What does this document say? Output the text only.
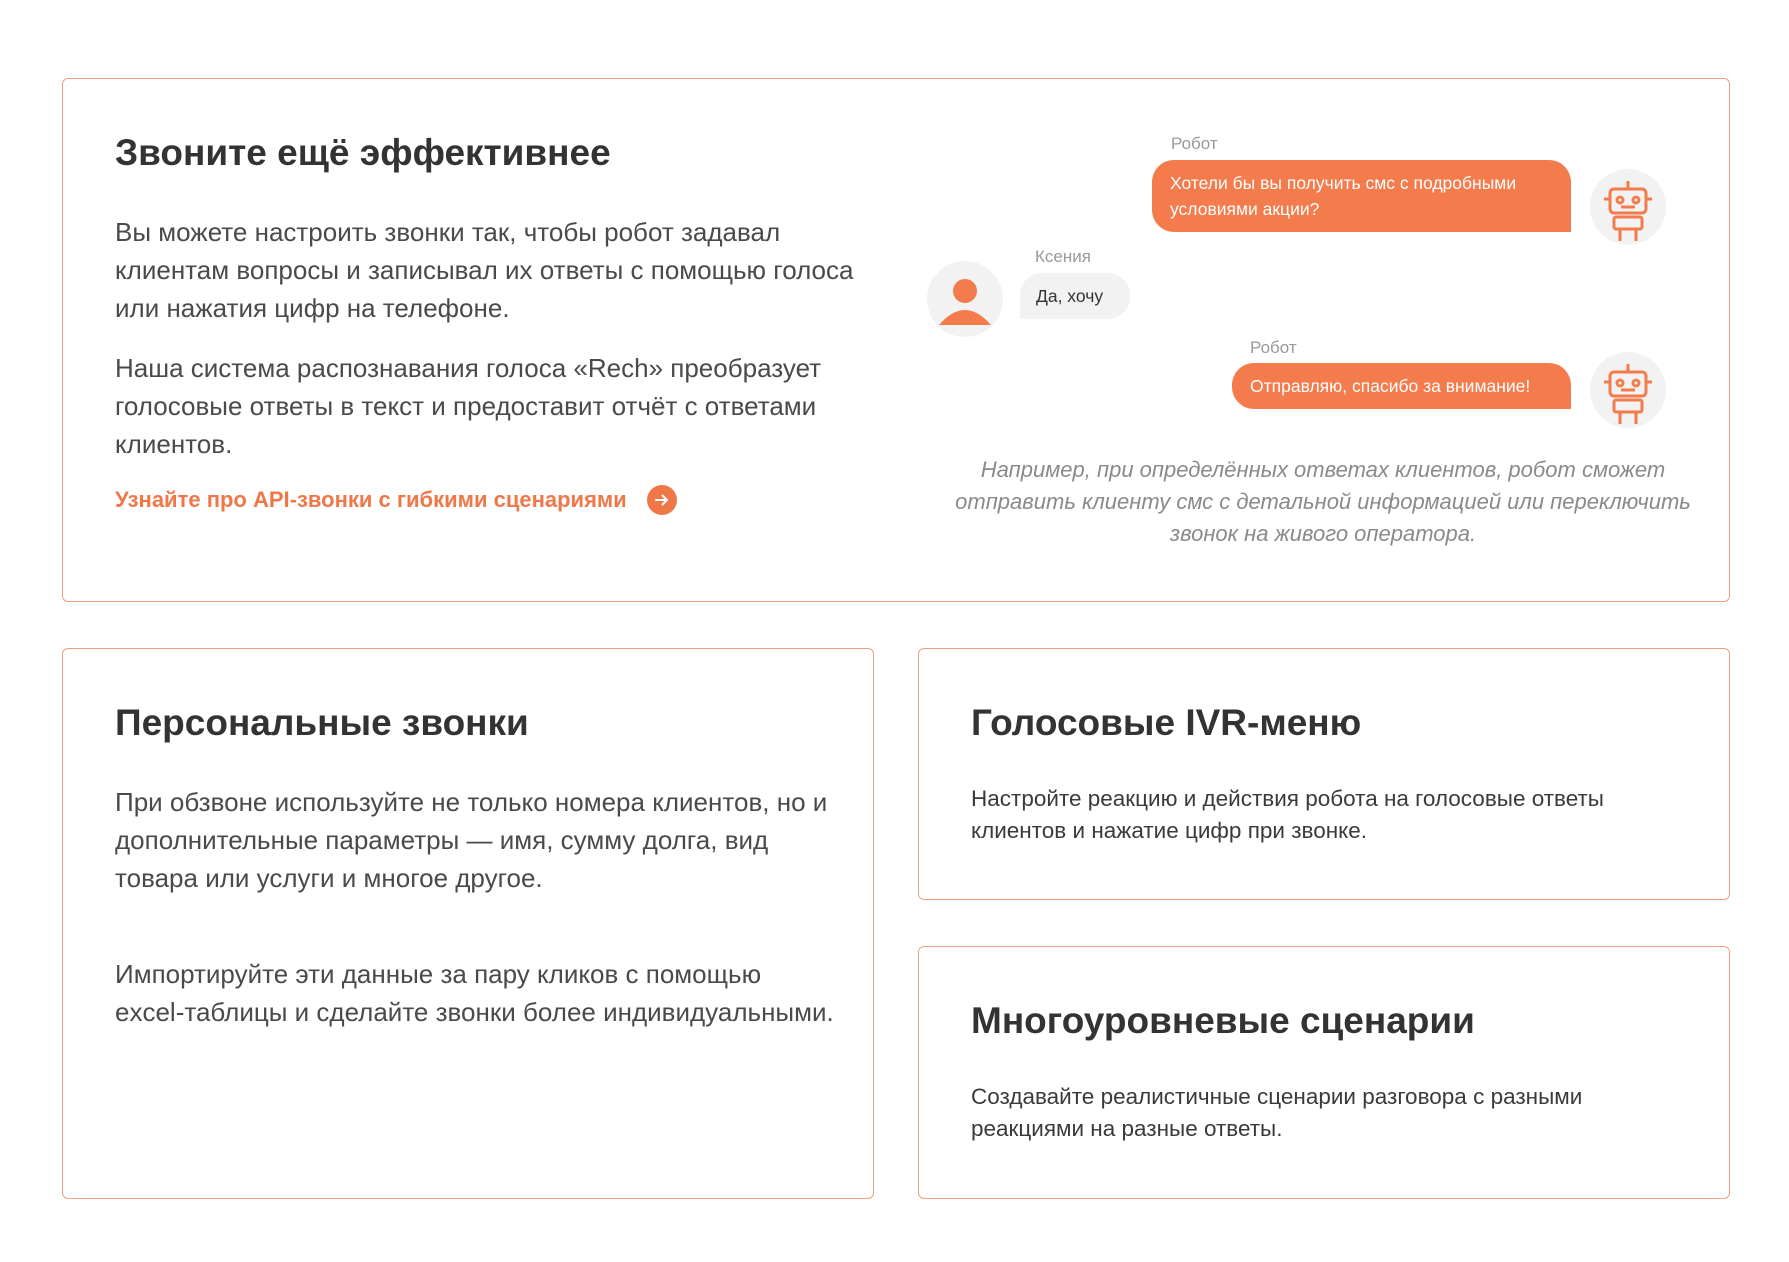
Звоните ещё эффективнее

Вы можете настроить звонки так, чтобы робот задавал клиентам вопросы и записывал их ответы с помощью голоса или нажатия цифр на телефоне.

Наша система распознавания голоса «Rech» преобразует голосовые ответы в текст и предоставит отчёт с ответами клиентов.

Узнайте про API-звонки с гибкими сценариями
Робот
Хотели бы вы получить смс с подробными условиями акции?
Ксения
Да, хочу
Робот
Отправляю, спасибо за внимание!

Например, при определённых ответах клиентов, робот сможет отправить клиенту смс с детальной информацией или переключить звонок на живого оператора.

Персональные звонки

При обзвоне используйте не только номера клиентов, но и дополнительные параметры — имя, сумму долга, вид товара или услуги и многое другое.

Импортируйте эти данные за пару кликов с помощью excel-таблицы и сделайте звонки более индивидуальными.

Голосовые IVR-меню

Настройте реакцию и действия робота на голосовые ответы клиентов и нажатие цифр при звонке.

Многоуровневые сценарии

Создавайте реалистичные сценарии разговора с разными реакциями на разные ответы.
